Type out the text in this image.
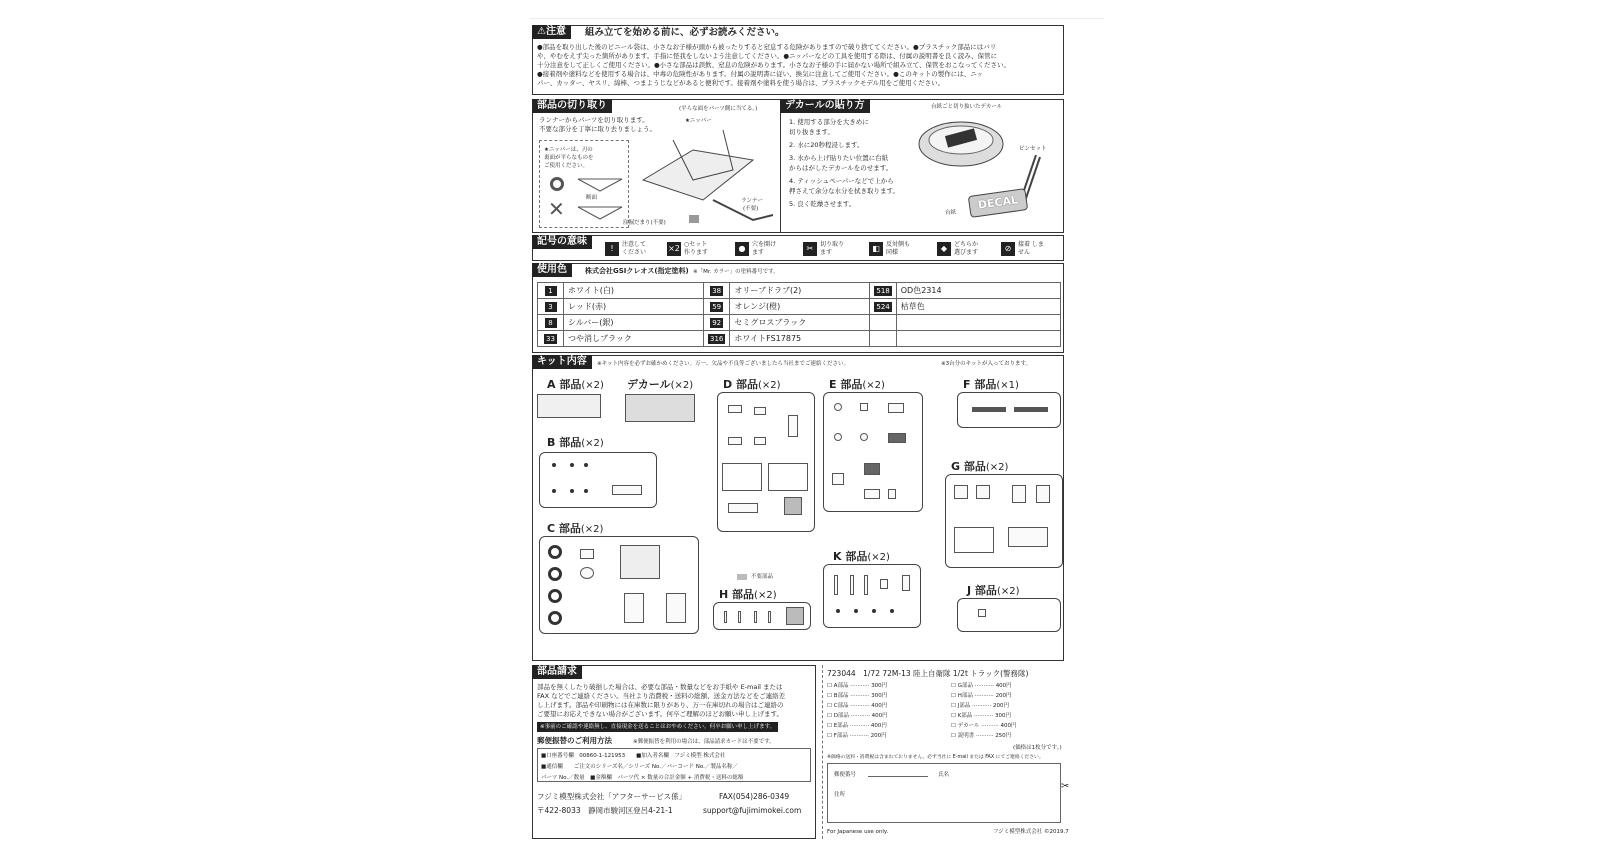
⚠注意	組み立てを始める前に、必ずお読みください。
●部品を取り出した後のビニール袋は、小さなお子様が頭から被ったりすると窒息する危険がありますので破り捨ててください。●プラスチック部品にはバリ
や、やむをえず尖った箇所があります。手指に怪我をしないよう注意してください。●ニッパーなどの工具を使用する際は、付属の説明書を良く読み、保管に
十分注意をして正しくご使用ください。●小さな部品は誤飲、窒息の危険があります。小さなお子様の手に届かない場所で組み立て、保管をおこなってください。
●接着剤や塗料などを使用する場合は、中毒の危険性があります。付属の説明書に従い、換気に注意してご使用ください。●このキットの製作には、ニッ
パー、カッター、ヤスリ、綿棒、つまようじなどがあると便利です。接着剤や塗料を使う場合は、プラスチックモデル用をご使用ください。
部品の切り取り	(平らな面をパーツ側に当てる。)
ランナーからパーツを切り取ります。
不要な部分を丁寧に取り去りましょう。
★ニッパー
★ニッパーは、刃の
裏面が平らなものを
ご使用ください。
✕	断面	ランナー
(不要)
窪掘だまり(不要)
デカールの貼り方	台紙ごと切り抜いたデカール
1. 使用する部分を大きめに
切り抜きます。
2. 水に20秒程浸します。
3. 水から上げ貼りたい位置に台紙
からはがしたデカールをのせます。
4. ティッシュペーパーなどで上から
押さえて余分な水分を拭き取ります。
5. 良く乾燥させます。
ピンセット
DECAL
台紙
記号の意味
!	注意して ください	×2 ○セット 作ります	●	穴を開け ます	✂	切り取り ます	◧	反対側も 同様	◆	どちらか 選びます	⊘	接着 しません
使用色	株式会社GSIクレオス(指定塗料) ※「Mr. カラー」の塗料番号です。
1	ホワイト(白)	38	オリーブドラブ(2)	518	OD色2314
3	レッド(赤)	59	オレンジ(橙)	524	枯草色
8	シルバー(銀)	92	セミグロスブラック		
33	つや消しブラック	316	ホワイトFS17875		
キット内容	※キット内容を必ずお確かめください。万一、欠品や不良等ございましたら当社までご連絡ください。	※3台分のキットが入っております。
A 部品(×2) デカール(×2)	D 部品(×2)	E 部品(×2)	F 部品(×1)
B 部品(×2)
G 部品(×2)
C 部品(×2)
不要部品
K 部品(×2)
H 部品(×2)	J 部品(×2)
部品請求
部品を無くしたり破損した場合は、必要な部品・数量などをお手紙や E-mail または
FAX などでご連絡ください。当社より消費税・送料の総額、送金方法などをご連絡差
し上げます。部品や印刷物には在庫数に限りがあり、万一在庫切れの場合はご連絡の
ご要望にお応えできない場合がございます。何卒ご理解のほどお願い申し上げます。
※事前のご確認や連絡無し、直接現金を送ることはおやめください。何卒お願い申し上げます。
郵便振替のご利用方法	※郵便振替を利用の場合は、部品請求カードは不要です。
■口座番号欄　00860-1-121953　　■加入者名欄　フジミ模型 株式会社
■通信欄　　ご注文のシリーズ名／シリーズ No.／バーコード No.／製品名称／
パーツ No.／数量　■金額欄　パーツ代 × 数量の合計金額 + 消費税・送料の総額
フジミ模型株式会社「アフターサービス係」	FAX(054)286-0349
〒422-8033　静岡市駿河区登呂4-21-1	support@fujimimokei.com
723044　1/72 72M-13 陸上自衛隊 1/2t トラック(警務隊)
☐ A部品 ··········· 300円
☐ B部品 ··········· 300円
☐ C部品 ··········· 400円
☐ D部品 ··········· 400円
☐ E部品 ··········· 400円
☐ F部品 ··········· 200円
☐ G部品 ··········· 400円
☐ H部品 ··········· 200円
☐ J部品 ··········· 200円
☐ K部品 ··········· 300円
☐ デカール ·········· 400円
☐ 説明書 ·········· 250円
(価格は1枚分です。)
※価格の送料・消費税は含まれておりません。必ず当社に E-mail または FAX にてご連絡ください。
郵便番号	氏名
住所
For Japanese use only.	フジミ模型株式会社 ©2019.7
✂
